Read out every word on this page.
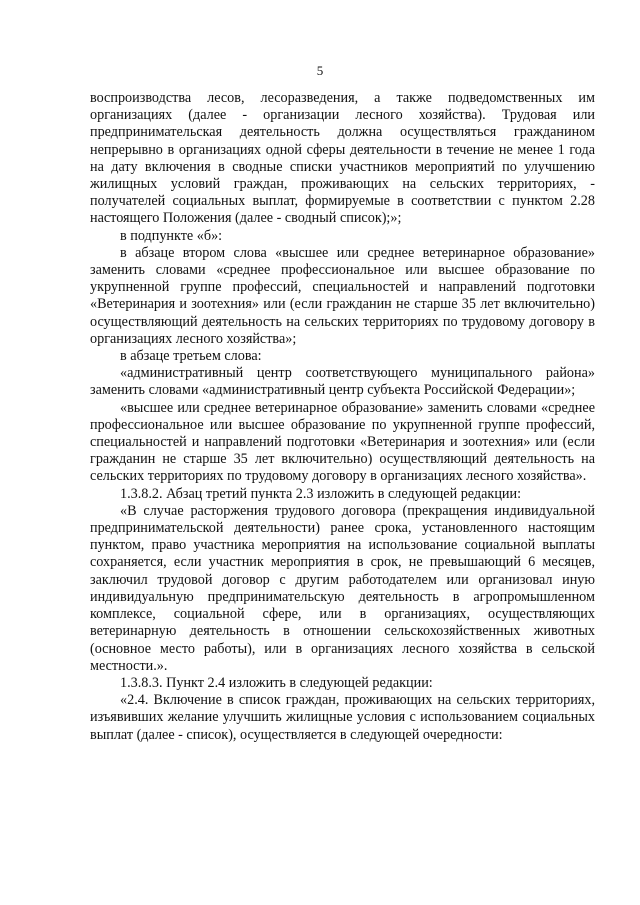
5

воспроизводства лесов, лесоразведения, а также подведомственных им организациях (далее - организации лесного хозяйства). Трудовая или предпринимательская деятельность должна осуществляться гражданином непрерывно в организациях одной сферы деятельности в течение не менее 1 года на дату включения в сводные списки участников мероприятий по улучшению жилищных условий граждан, проживающих на сельских территориях, - получателей социальных выплат, формируемые в соответствии с пунктом 2.28 настоящего Положения (далее - сводный список);»;

в подпункте «б»:

в абзаце втором слова «высшее или среднее ветеринарное образование» заменить словами «среднее профессиональное или высшее образование по укрупненной группе профессий, специальностей и направлений подготовки «Ветеринария и зоотехния» или (если гражданин не старше 35 лет включительно) осуществляющий деятельность на сельских территориях по трудовому договору в организациях лесного хозяйства»;

в абзаце третьем слова:

«административный центр соответствующего муниципального района» заменить словами «административный центр субъекта Российской Федерации»;

«высшее или среднее ветеринарное образование» заменить словами «среднее профессиональное или высшее образование по укрупненной группе профессий, специальностей и направлений подготовки «Ветеринария и зоотехния» или (если гражданин не старше 35 лет включительно) осуществляющий деятельность на сельских территориях по трудовому договору в организациях лесного хозяйства».

1.3.8.2. Абзац третий пункта 2.3 изложить в следующей редакции:

«В случае расторжения трудового договора (прекращения индивидуальной предпринимательской деятельности) ранее срока, установленного настоящим пунктом, право участника мероприятия на использование социальной выплаты сохраняется, если участник мероприятия в срок, не превышающий 6 месяцев, заключил трудовой договор с другим работодателем или организовал иную индивидуальную предпринимательскую деятельность в агропромышленном комплексе, социальной сфере, или в организациях, осуществляющих ветеринарную деятельность в отношении сельскохозяйственных животных (основное место работы), или в организациях лесного хозяйства в сельской местности.».

1.3.8.3. Пункт 2.4 изложить в следующей редакции:

«2.4. Включение в список граждан, проживающих на сельских территориях, изъявивших желание улучшить жилищные условия с использованием социальных выплат (далее - список), осуществляется в следующей очередности:
